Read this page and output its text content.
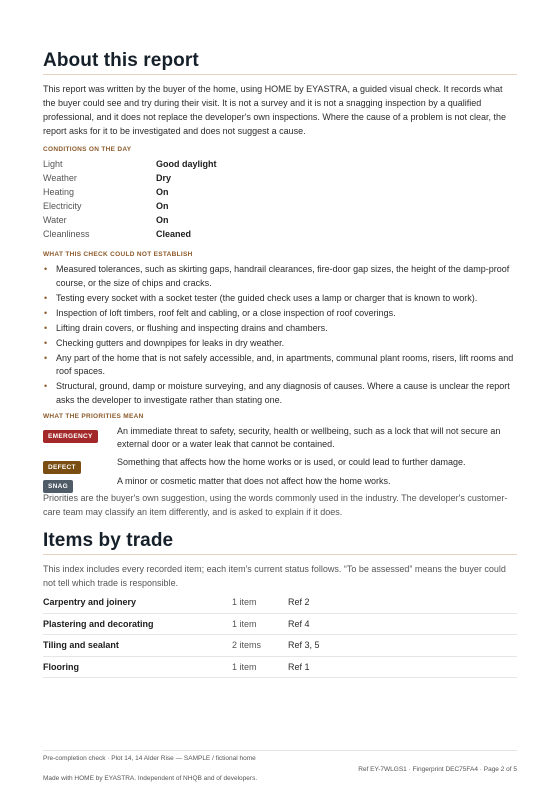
About this report

This report was written by the buyer of the home, using HOME by EYASTRA, a guided visual check. It records what the buyer could see and try during their visit. It is not a survey and it is not a snagging inspection by a qualified professional, and it does not replace the developer's own inspections. Where the cause of a problem is not clear, the report asks for it to be investigated and does not suggest a cause.

CONDITIONS ON THE DAY
Light	Good daylight
Weather	Dry
Heating	On
Electricity	On
Water	On
Cleanliness	Cleaned
WHAT THIS CHECK COULD NOT ESTABLISH
• Measured tolerances, such as skirting gaps, handrail clearances, fire-door gap sizes, the height of the damp-proof course, or the size of chips and cracks.
• Testing every socket with a socket tester (the guided check uses a lamp or charger that is known to work).
• Inspection of loft timbers, roof felt and cabling, or a close inspection of roof coverings.
• Lifting drain covers, or flushing and inspecting drains and chambers.
• Checking gutters and downpipes for leaks in dry weather.
• Any part of the home that is not safely accessible, and, in apartments, communal plant rooms, risers, lift rooms and roof spaces.
• Structural, ground, damp or moisture surveying, and any diagnosis of causes. Where a cause is unclear the report asks the developer to investigate rather than stating one.
WHAT THE PRIORITIES MEAN
EMERGENCY
An immediate threat to safety, security, health or wellbeing, such as a lock that will not secure an external door or a water leak that cannot be contained.
DEFECT
Something that affects how the home works or is used, or could lead to further damage.
SNAG
A minor or cosmetic matter that does not affect how the home works.

Priorities are the buyer's own suggestion, using the words commonly used in the industry. The developer's customer-care team may classify an item differently, and is asked to explain if it does.

Items by trade

This index includes every recorded item; each item's current status follows. “To be assessed” means the buyer could not tell which trade is responsible.

Carpentry and joinery	1 item	Ref 2
Plastering and decorating	1 item	Ref 4
Tiling and sealant	2 items	Ref 3, 5
Flooring	1 item	Ref 1
Pre-completion check · Plot 14, 14 Alder Rise — SAMPLE / fictional home
Ref EY-7WLGS1 · Fingerprint DEC75FA4 · Page 2 of 5
Made with HOME by EYASTRA. Independent of NHQB and of developers.
